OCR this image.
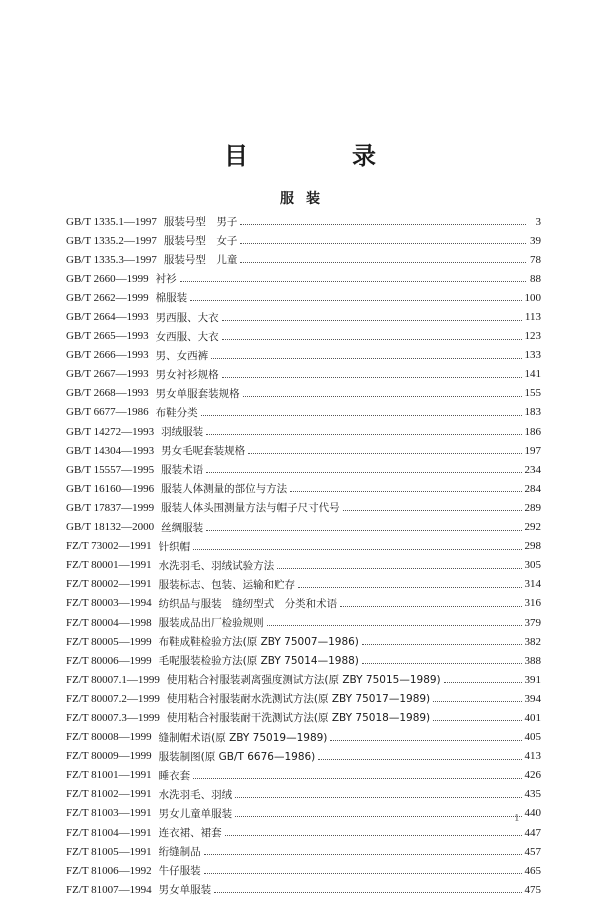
目　录
服装
GB/T 1335.1—1997 服装号型　男子	3
GB/T 1335.2—1997 服装号型　女子	39
GB/T 1335.3—1997 服装号型　儿童	78
GB/T 2660—1999 衬衫	88
GB/T 2662—1999 棉服装	100
GB/T 2664—1993 男西服、大衣	113
GB/T 2665—1993 女西服、大衣	123
GB/T 2666—1993 男、女西裤	133
GB/T 2667—1993 男女衬衫规格	141
GB/T 2668—1993 男女单服套装规格	155
GB/T 6677—1986 布鞋分类	183
GB/T 14272—1993 羽绒服装	186
GB/T 14304—1993 男女毛呢套装规格	197
GB/T 15557—1995 服装术语	234
GB/T 16160—1996 服装人体测量的部位与方法	284
GB/T 17837—1999 服装人体头围测量方法与帽子尺寸代号	289
GB/T 18132—2000 丝绸服装	292
FZ/T 73002—1991 针织帽	298
FZ/T 80001—1991 水洗羽毛、羽绒试验方法	305
FZ/T 80002—1991 服装标志、包装、运输和贮存	314
FZ/T 80003—1994 纺织品与服装　缝纫型式　分类和术语	316
FZ/T 80004—1998 服装成品出厂检验规则	379
FZ/T 80005—1999 布鞋成鞋检验方法(原 ZBY 75007—1986)	382
FZ/T 80006—1999 毛呢服装检验方法(原 ZBY 75014—1988)	388
FZ/T 80007.1—1999 使用粘合衬服装剥离强度测试方法(原 ZBY 75015—1989)	391
FZ/T 80007.2—1999 使用粘合衬服装耐水洗测试方法(原 ZBY 75017—1989)	394
FZ/T 80007.3—1999 使用粘合衬服装耐干洗测试方法(原 ZBY 75018—1989)	401
FZ/T 80008—1999 缝制帽术语(原 ZBY 75019—1989)	405
FZ/T 80009—1999 服装制图(原 GB/T 6676—1986)	413
FZ/T 81001—1991 睡衣套	426
FZ/T 81002—1991 水洗羽毛、羽绒	435
FZ/T 81003—1991 男女儿童单服装	440
FZ/T 81004—1991 连衣裙、裙套	447
FZ/T 81005—1991 绗缝制品	457
FZ/T 81006—1992 牛仔服装	465
FZ/T 81007—1994 男女单服装	475
1
